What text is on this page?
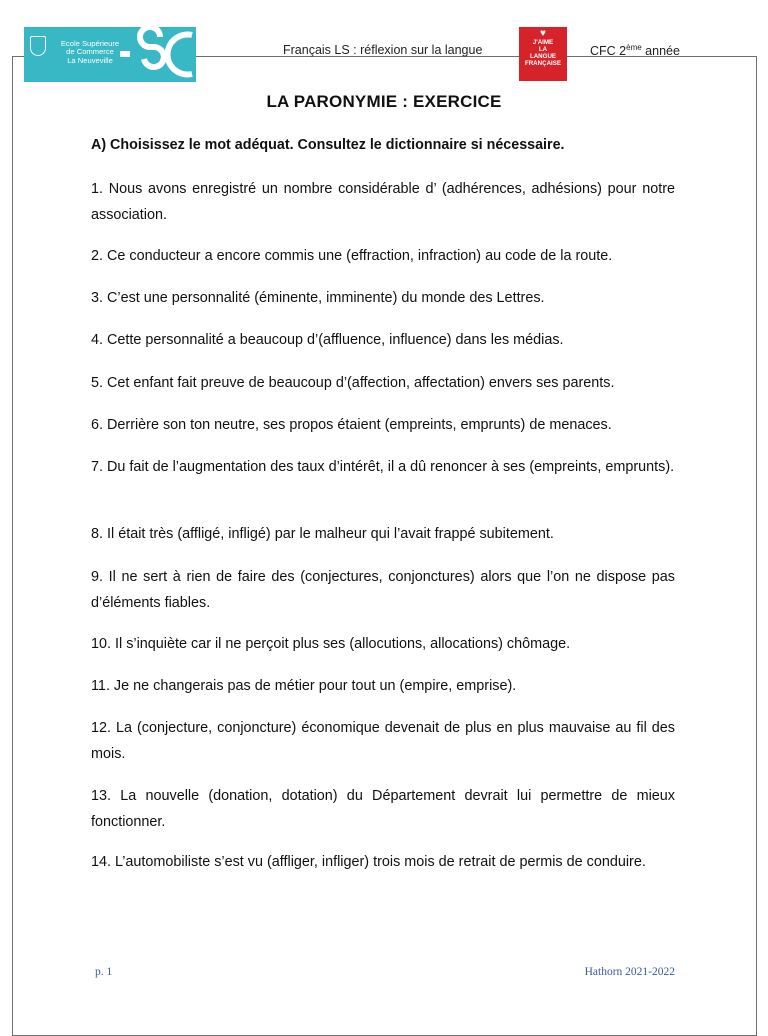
Ecole Supérieure
de Commerce
La Neuveville
Français LS : réflexion sur la langue
♥
J'AIME
LA
LANGUE
FRANÇAISE
CFC 2ème année
LA PARONYMIE : EXERCICE
A) Choisissez le mot adéquat. Consultez le dictionnaire si nécessaire.
1. Nous avons enregistré un nombre considérable d’ (adhérences, adhésions) pour notre association.
2. Ce conducteur a encore commis une (effraction, infraction) au code de la route.
3. C’est une personnalité (éminente, imminente) du monde des Lettres.
4. Cette personnalité a beaucoup d’(affluence, influence) dans les médias.
5. Cet enfant fait preuve de beaucoup d’(affection, affectation) envers ses parents.
6. Derrière son ton neutre, ses propos étaient (empreints, emprunts) de menaces.
7. Du fait de l’augmentation des taux d’intérêt, il a dû renoncer à ses (empreints, emprunts).
8. Il était très (affligé, infligé) par le malheur qui l’avait frappé subitement.
9. Il ne sert à rien de faire des (conjectures, conjonctures) alors que l’on ne dispose pas d’éléments fiables.
10. Il s’inquiète car il ne perçoit plus ses (allocutions, allocations) chômage.
11. Je ne changerais pas de métier pour tout un (empire, emprise).
12. La (conjecture, conjoncture) économique devenait de plus en plus mauvaise au fil des mois.
13. La nouvelle (donation, dotation) du Département devrait lui permettre de mieux fonctionner.
14. L’automobiliste s’est vu (affliger, infliger) trois mois de retrait de permis de conduire.
p. 1	Hathorn 2021-2022
